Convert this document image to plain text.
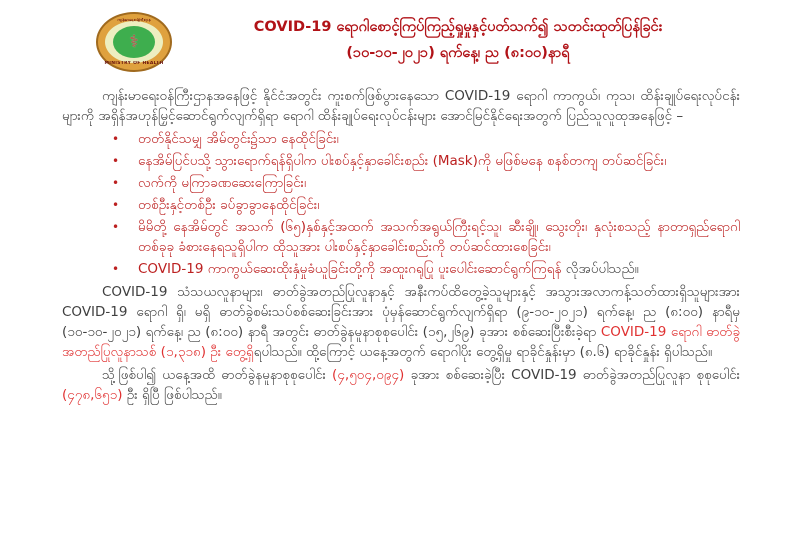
ကျန်းမာရေးဝန်ကြီးဌာန
⚕
MINISTRY OF HEALTH
COVID-19 ရောဂါစောင့်ကြပ်ကြည့်ရှုမှုနှင့်ပတ်သက်၍ သတင်းထုတ်ပြန်ခြင်း
(၁၀-၁၀-၂၀၂၁) ရက်နေ့၊ ည (၈:၀၀)နာရီ

ကျန်းမာရေးဝန်ကြီးဌာနအနေဖြင့် နိုင်ငံအတွင်း ကူးစက်ဖြစ်ပွားနေသော COVID-19 ရောဂါ ကာကွယ်၊ ကုသ၊ ထိန်းချုပ်ရေးလုပ်ငန်းများကို အရှိန်အဟုန်မြှင့်ဆောင်ရွက်လျက်ရှိရာ ရောဂါ ထိန်းချုပ်ရေးလုပ်ငန်းများ အောင်မြင်နိုင်ရေးအတွက် ပြည်သူလူထုအနေဖြင့် –

•	တတ်နိုင်သမျှ အိမ်တွင်း၌သာ နေထိုင်ခြင်း၊
•	နေအိမ်ပြင်ပသို့ သွားရောက်ရန်ရှိပါက ပါးစပ်နှင့်နှာခေါင်းစည်း (Mask)ကို မဖြစ်မနေ စနစ်တကျ တပ်ဆင်ခြင်း၊
•	လက်ကို မကြာခဏဆေးကြောခြင်း၊
•	တစ်ဦးနှင့်တစ်ဦး ခပ်ခွာခွာနေထိုင်ခြင်း၊
•	မိမိတို့ နေအိမ်တွင် အသက် (၆၅)နှစ်နှင့်အထက် အသက်အရွယ်ကြီးရင့်သူ၊ ဆီးချို၊ သွေးတိုး၊ နှလုံးစသည့် နာတာရှည်ရောဂါတစ်ခုခု ခံစားနေရသူရှိပါက ထိုသူအား ပါးစပ်နှင့်နှာခေါင်းစည်းကို တပ်ဆင်ထားစေခြင်း၊
•	COVID-19 ကာကွယ်ဆေးထိုးနှံမှုခံယူခြင်းတို့ကို အထူးဂရုပြု ပူးပေါင်းဆောင်ရွက်ကြရန် လိုအပ်ပါသည်။

COVID-19 သံသယလူနာများ၊ ဓာတ်ခွဲအတည်ပြုလူနာနှင့် အနီးကပ်ထိတွေ့ခဲ့သူများနှင့် အသွားအလာကန့်သတ်ထားရှိသူများအား COVID-19 ရောဂါ ရှိ၊ မရှိ ဓာတ်ခွဲစမ်းသပ်စစ်ဆေးခြင်းအား ပုံမှန်ဆောင်ရွက်လျက်ရှိရာ (၉-၁၀-၂၀၂၁) ရက်နေ့၊ ည (၈:၀၀) နာရီမှ (၁၀-၁၀-၂၀၂၁) ရက်နေ့၊ ည (၈:၀၀) နာရီ အတွင်း ဓာတ်ခွဲနမူနာစုစုပေါင်း (၁၅,၂၆၉) ခုအား စစ်ဆေးပြီးစီးခဲ့ရာ COVID-19 ရောဂါ ဓာတ်ခွဲအတည်ပြုလူနာသစ် (၁,၃၁၈) ဦး တွေ့ရှိရပါသည်။ ထို့ကြောင့် ယနေ့အတွက် ရောဂါပိုး တွေ့ရှိမှု ရာခိုင်နှုန်းမှာ (၈.၆) ရာခိုင်နှုန်း ရှိပါသည်။

သို့ဖြစ်ပါ၍ ယနေ့အထိ ဓာတ်ခွဲနမူနာစုစုပေါင်း (၄,၅၀၄,၀၉၄) ခုအား စစ်ဆေးခဲ့ပြီး COVID-19 ဓာတ်ခွဲအတည်ပြုလူနာ စုစုပေါင်း (၄၇၈,၆၅၁) ဦး ရှိပြီ ဖြစ်ပါသည်။
